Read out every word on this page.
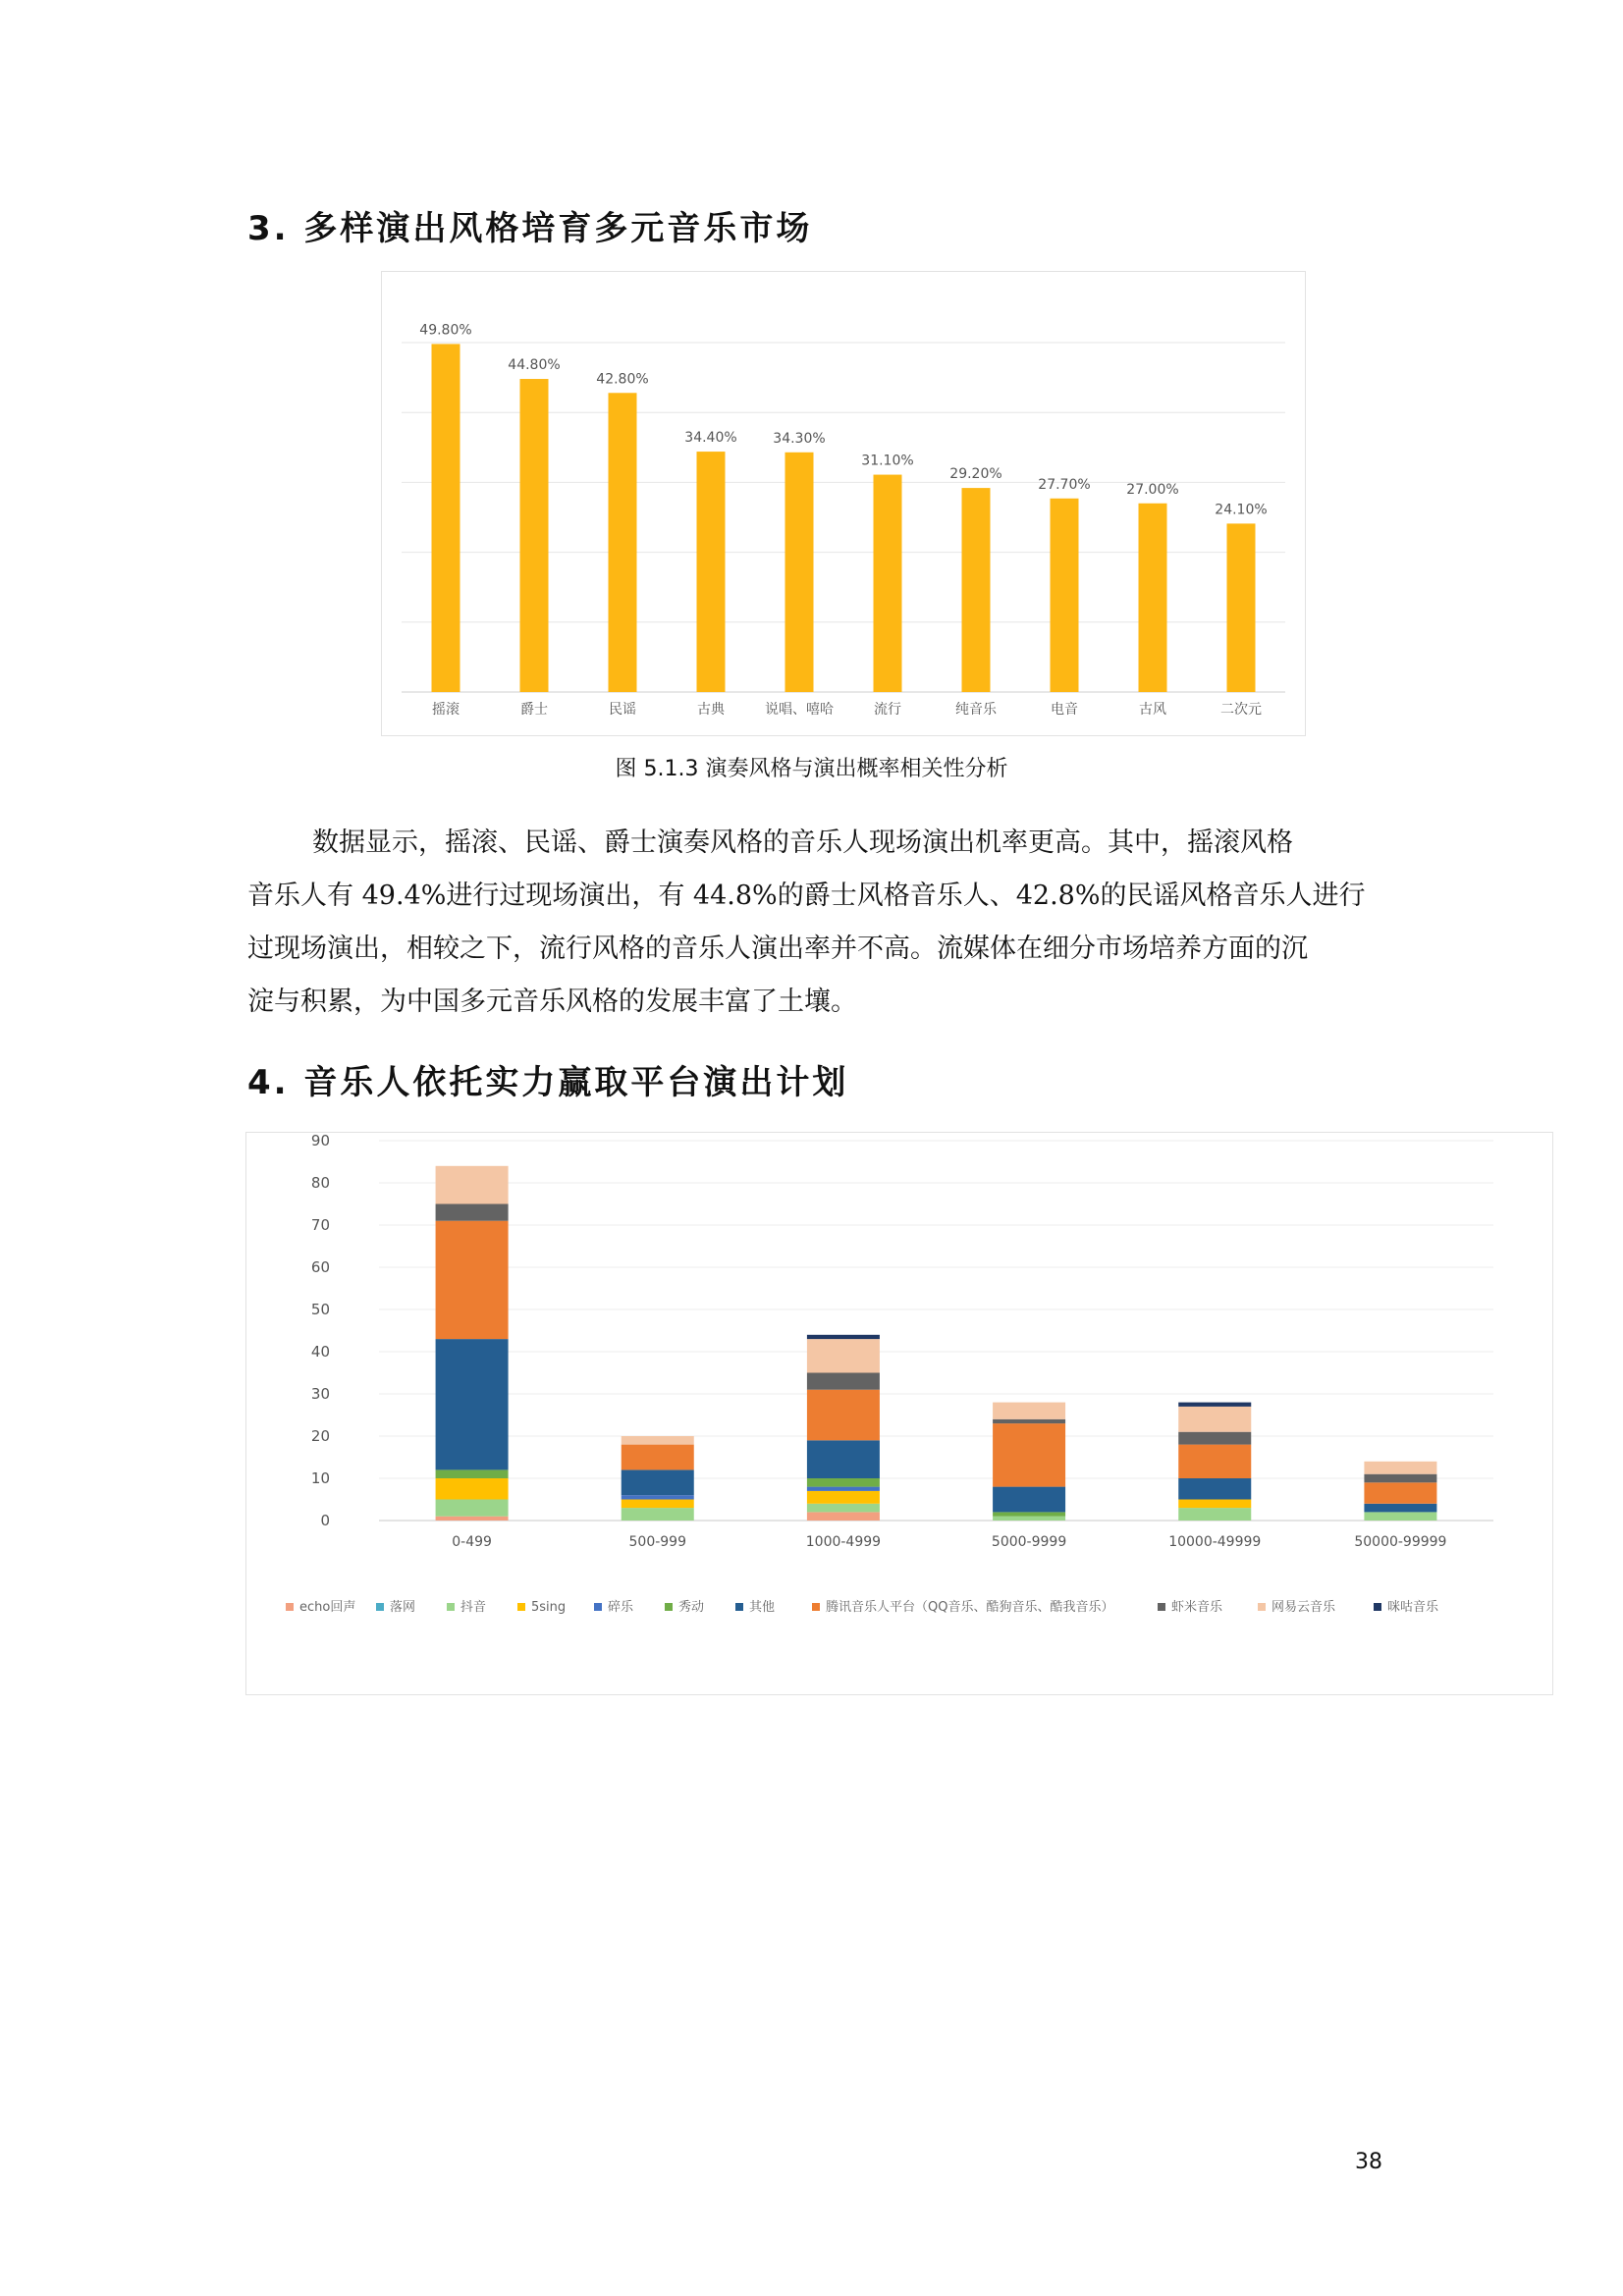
3. 多样演出风格培育多元音乐市场
49.80%
摇滚
44.80%
爵士
42.80%
民谣
34.40%
古典
34.30%
说唱、嘻哈
31.10%
流行
29.20%
纯音乐
27.70%
电音
27.00%
古风
24.10%
二次元

图 5.1.3 演奏风格与演出概率相关性分析

数据显示，摇滚、民谣、爵士演奏风格的音乐人现场演出机率更高。其中，摇滚风格
音乐人有 49.4%进行过现场演出，有 44.8%的爵士风格音乐人、42.8%的民谣风格音乐人进行
过现场演出，相较之下，流行风格的音乐人演出率并不高。流媒体在细分市场培养方面的沉
淀与积累，为中国多元音乐风格的发展丰富了土壤。
4. 音乐人依托实力赢取平台演出计划
0
10
20
30
40
50
60
70
80
90
0-499	500-999	1000-4999	5000-9999	10000-49999	50000-99999
echo回声	落网	抖音	5sing	碎乐	秀动	其他	腾讯音乐人平台（QQ音乐、酷狗音乐、酷我音乐）	虾米音乐	网易云音乐	咪咕音乐
38
